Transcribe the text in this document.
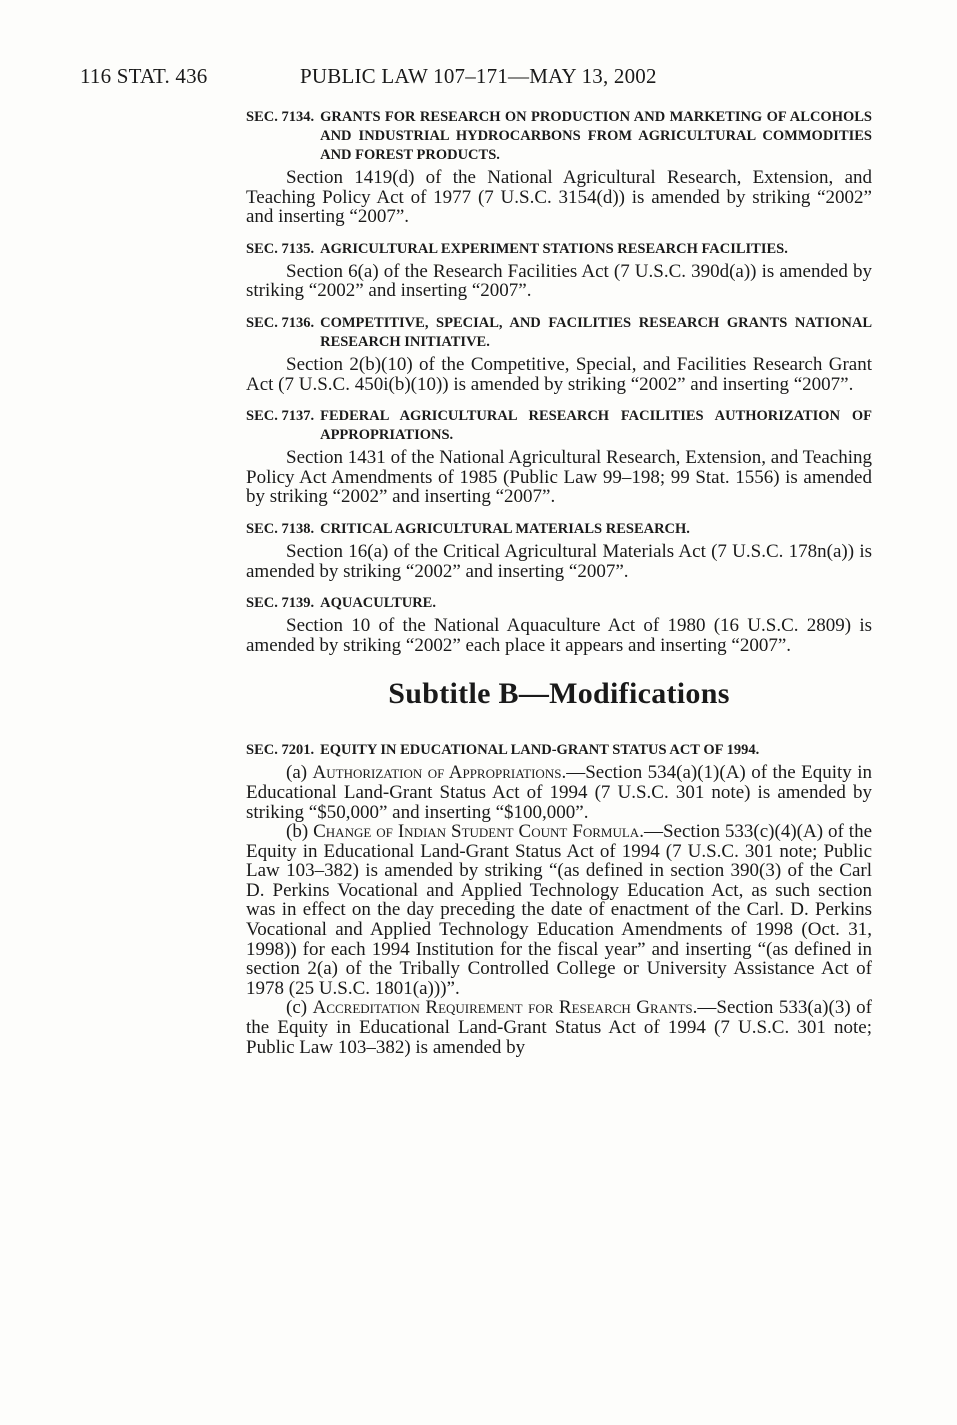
116 STAT. 436	PUBLIC LAW 107–171—MAY 13, 2002
SEC. 7134. GRANTS FOR RESEARCH ON PRODUCTION AND MARKETING OF ALCOHOLS AND INDUSTRIAL HYDROCARBONS FROM AGRICULTURAL COMMODITIES AND FOREST PRODUCTS.

Section 1419(d) of the National Agricultural Research, Extension, and Teaching Policy Act of 1977 (7 U.S.C. 3154(d)) is amended by striking “2002” and inserting “2007”.

SEC. 7135. AGRICULTURAL EXPERIMENT STATIONS RESEARCH FACILITIES.

Section 6(a) of the Research Facilities Act (7 U.S.C. 390d(a)) is amended by striking “2002” and inserting “2007”.

SEC. 7136. COMPETITIVE, SPECIAL, AND FACILITIES RESEARCH GRANTS NATIONAL RESEARCH INITIATIVE.

Section 2(b)(10) of the Competitive, Special, and Facilities Research Grant Act (7 U.S.C. 450i(b)(10)) is amended by striking “2002” and inserting “2007”.

SEC. 7137. FEDERAL AGRICULTURAL RESEARCH FACILITIES AUTHORIZATION OF APPROPRIATIONS.

Section 1431 of the National Agricultural Research, Extension, and Teaching Policy Act Amendments of 1985 (Public Law 99–198; 99 Stat. 1556) is amended by striking “2002” and inserting “2007”.

SEC. 7138. CRITICAL AGRICULTURAL MATERIALS RESEARCH.

Section 16(a) of the Critical Agricultural Materials Act (7 U.S.C. 178n(a)) is amended by striking “2002” and inserting “2007”.

SEC. 7139. AQUACULTURE.

Section 10 of the National Aquaculture Act of 1980 (16 U.S.C. 2809) is amended by striking “2002” each place it appears and inserting “2007”.

Subtitle B—Modifications
SEC. 7201. EQUITY IN EDUCATIONAL LAND-GRANT STATUS ACT OF 1994.

(a) Authorization of Appropriations.—Section 534(a)(1)(A) of the Equity in Educational Land-Grant Status Act of 1994 (7 U.S.C. 301 note) is amended by striking “$50,000” and inserting “$100,000”.

(b) Change of Indian Student Count Formula.—Section 533(c)(4)(A) of the Equity in Educational Land-Grant Status Act of 1994 (7 U.S.C. 301 note; Public Law 103–382) is amended by striking “(as defined in section 390(3) of the Carl D. Perkins Vocational and Applied Technology Education Act, as such section was in effect on the day preceding the date of enactment of the Carl. D. Perkins Vocational and Applied Technology Education Amendments of 1998 (Oct. 31, 1998)) for each 1994 Institution for the fiscal year” and inserting “(as defined in section 2(a) of the Tribally Controlled College or University Assistance Act of 1978 (25 U.S.C. 1801(a)))”.

(c) Accreditation Requirement for Research Grants.—Section 533(a)(3) of the Equity in Educational Land-Grant Status Act of 1994 (7 U.S.C. 301 note; Public Law 103–382) is amended by
